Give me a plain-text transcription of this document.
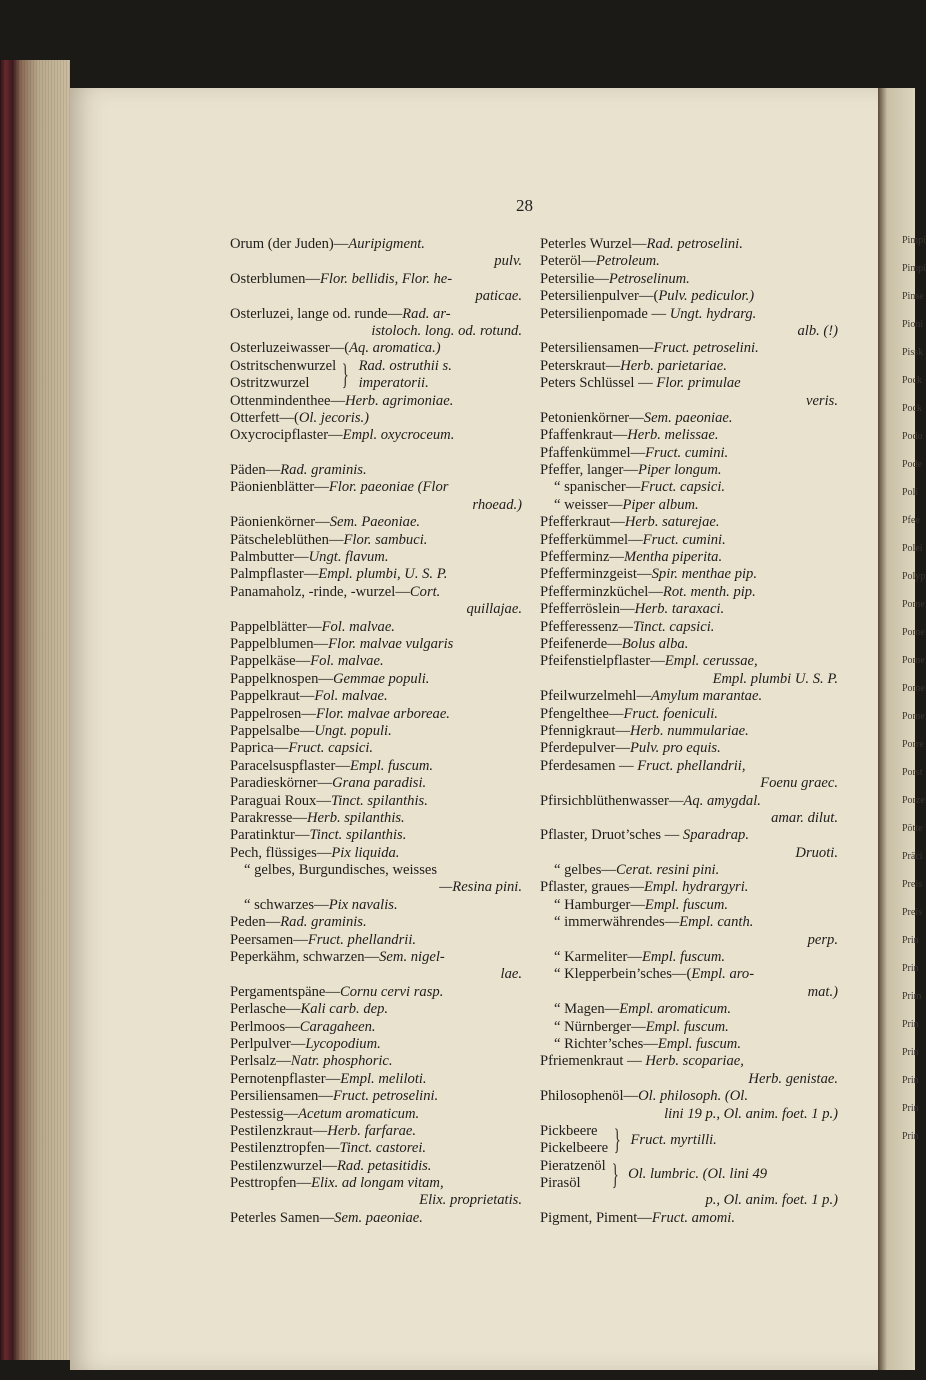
Pimpi
Pimpi
Pinse
Pioni
Pissk
Pock
Pock
Podo
Pode
Poli
Pfee
Polei
Polyp
Pome
Pome
Pome
Pome
Pome
Porre
Porst
Porze
Pötte
Präci
Preis
Preis
Prin
Prin
Prim
Prin
Prin
Prin
Prin
Prin
28
Orum (der Juden)—Auripigment.
pulv.
Osterblumen—Flor. bellidis, Flor. he-
paticae.
Osterluzei, lange od. runde—Rad. ar-
istoloch. long. od. rotund.
Osterluzeiwasser—(Aq. aromatica.)
Ostritschenwurzel
Ostritzwurzel	} Rad. ostruthii s.
imperatorii.
Ottenmindenthee—Herb. agrimoniae.
Otterfett—(Ol. jecoris.)
Oxycrocipflaster—Empl. oxycroceum.
Päden—Rad. graminis.
Päonienblätter—Flor. paeoniae (Flor
rhoead.)
Päonienkörner—Sem. Paeoniae.
Pätscheleblüthen—Flor. sambuci.
Palmbutter—Ungt. flavum.
Palmpflaster—Empl. plumbi, U. S. P.
Panamaholz, -rinde, -wurzel—Cort.
quillajae.
Pappelblätter—Fol. malvae.
Pappelblumen—Flor. malvae vulgaris
Pappelkäse—Fol. malvae.
Pappelknospen—Gemmae populi.
Pappelkraut—Fol. malvae.
Pappelrosen—Flor. malvae arboreae.
Pappelsalbe—Ungt. populi.
Paprica—Fruct. capsici.
Paracelsuspflaster—Empl. fuscum.
Paradieskörner—Grana paradisi.
Paraguai Roux—Tinct. spilanthis.
Parakresse—Herb. spilanthis.
Paratinktur—Tinct. spilanthis.
Pech, flüssiges—Pix liquida.
“ gelbes, Burgundisches, weisses
—Resina pini.
“ schwarzes—Pix navalis.
Peden—Rad. graminis.
Peersamen—Fruct. phellandrii.
Peperkähm, schwarzen—Sem. nigel-
lae.
Pergamentspäne—Cornu cervi rasp.
Perlasche—Kali carb. dep.
Perlmoos—Caragaheen.
Perlpulver—Lycopodium.
Perlsalz—Natr. phosphoric.
Pernotenpflaster—Empl. meliloti.
Persiliensamen—Fruct. petroselini.
Pestessig—Acetum aromaticum.
Pestilenzkraut—Herb. farfarae.
Pestilenztropfen—Tinct. castorei.
Pestilenzwurzel—Rad. petasitidis.
Pesttropfen—Elix. ad longam vitam,
Elix. proprietatis.
Peterles Samen—Sem. paeoniae.
Peterles Wurzel—Rad. petroselini.
Peteröl—Petroleum.
Petersilie—Petroselinum.
Petersilienpulver—(Pulv. pediculor.)
Petersilienpomade — Ungt. hydrarg.
alb. (!)
Petersiliensamen—Fruct. petroselini.
Peterskraut—Herb. parietariae.
Peters Schlüssel — Flor. primulae
veris.
Petonienkörner—Sem. paeoniae.
Pfaffenkraut—Herb. melissae.
Pfaffenkümmel—Fruct. cumini.
Pfeffer, langer—Piper longum.
“ spanischer—Fruct. capsici.
“ weisser—Piper album.
Pfefferkraut—Herb. saturejae.
Pfefferkümmel—Fruct. cumini.
Pfefferminz—Mentha piperita.
Pfefferminzgeist—Spir. menthae pip.
Pfefferminzküchel—Rot. menth. pip.
Pfefferröslein—Herb. taraxaci.
Pfefferessenz—Tinct. capsici.
Pfeifenerde—Bolus alba.
Pfeifenstielpflaster—Empl. cerussae,
Empl. plumbi U. S. P.
Pfeilwurzelmehl—Amylum marantae.
Pfengelthee—Fruct. foeniculi.
Pfennigkraut—Herb. nummulariae.
Pferdepulver—Pulv. pro equis.
Pferdesamen — Fruct. phellandrii,
Foenu graec.
Pfirsichblüthenwasser—Aq. amygdal.
amar. dilut.
Pflaster, Druot’sches — Sparadrap.
Druoti.
“ gelbes—Cerat. resini pini.
Pflaster, graues—Empl. hydrargyri.
“ Hamburger—Empl. fuscum.
“ immerwährendes—Empl. canth.
perp.
“ Karmeliter—Empl. fuscum.
“ Klepperbein’sches—(Empl. aro-
mat.)
“ Magen—Empl. aromaticum.
“ Nürnberger—Empl. fuscum.
“ Richter’sches—Empl. fuscum.
Pfriemenkraut — Herb. scopariae,
Herb. genistae.
Philosophenöl—Ol. philosoph. (Ol.
lini 19 p., Ol. anim. foet. 1 p.)
Pickbeere
Pickelbeere } Fruct. myrtilli.
Pieratzenöl
Pirasöl	} Ol. lumbric. (Ol. lini 49
p., Ol. anim. foet. 1 p.)
Pigment, Piment—Fruct. amomi.
